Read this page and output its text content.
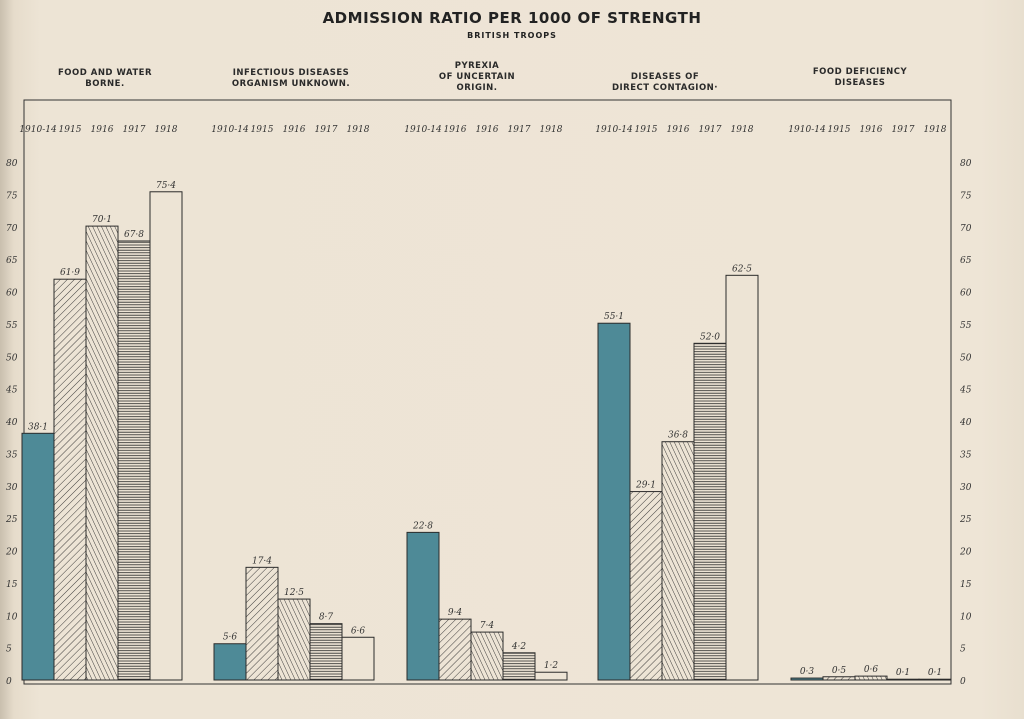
ADMISSION RATIO PER 1000 OF STRENGTH
BRITISH TROOPS
FOOD AND WATER
BORNE.
INFECTIOUS DISEASES
ORGANISM UNKNOWN.
PYREXIA
OF UNCERTAIN
ORIGIN.
DISEASES OF
DIRECT CONTAGION·
FOOD DEFICIENCY
DISEASES
0	0
5	5
10	10
15	15
20	20
25	25
30	30
35	35
40	40
45	45
50	50
55	55
60	60
65	65
70	70
75	75
80	80
1910-14
38·1
1915
61·9
1916
70·1
1917
67·8
1918
75·4
1910-14
5·6
1915
17·4
1916
12·5
1917
8·7
1918
6·6
1910-14
22·8
1916
9·4
1916
7·4
1917
4·2
1918
1·2
1910-14
55·1
1915
29·1
1916
36·8
1917
52·0
1918
62·5
1910-14
0·3
1915
0·5
1916
0·6
1917
0·1
1918
0·1
